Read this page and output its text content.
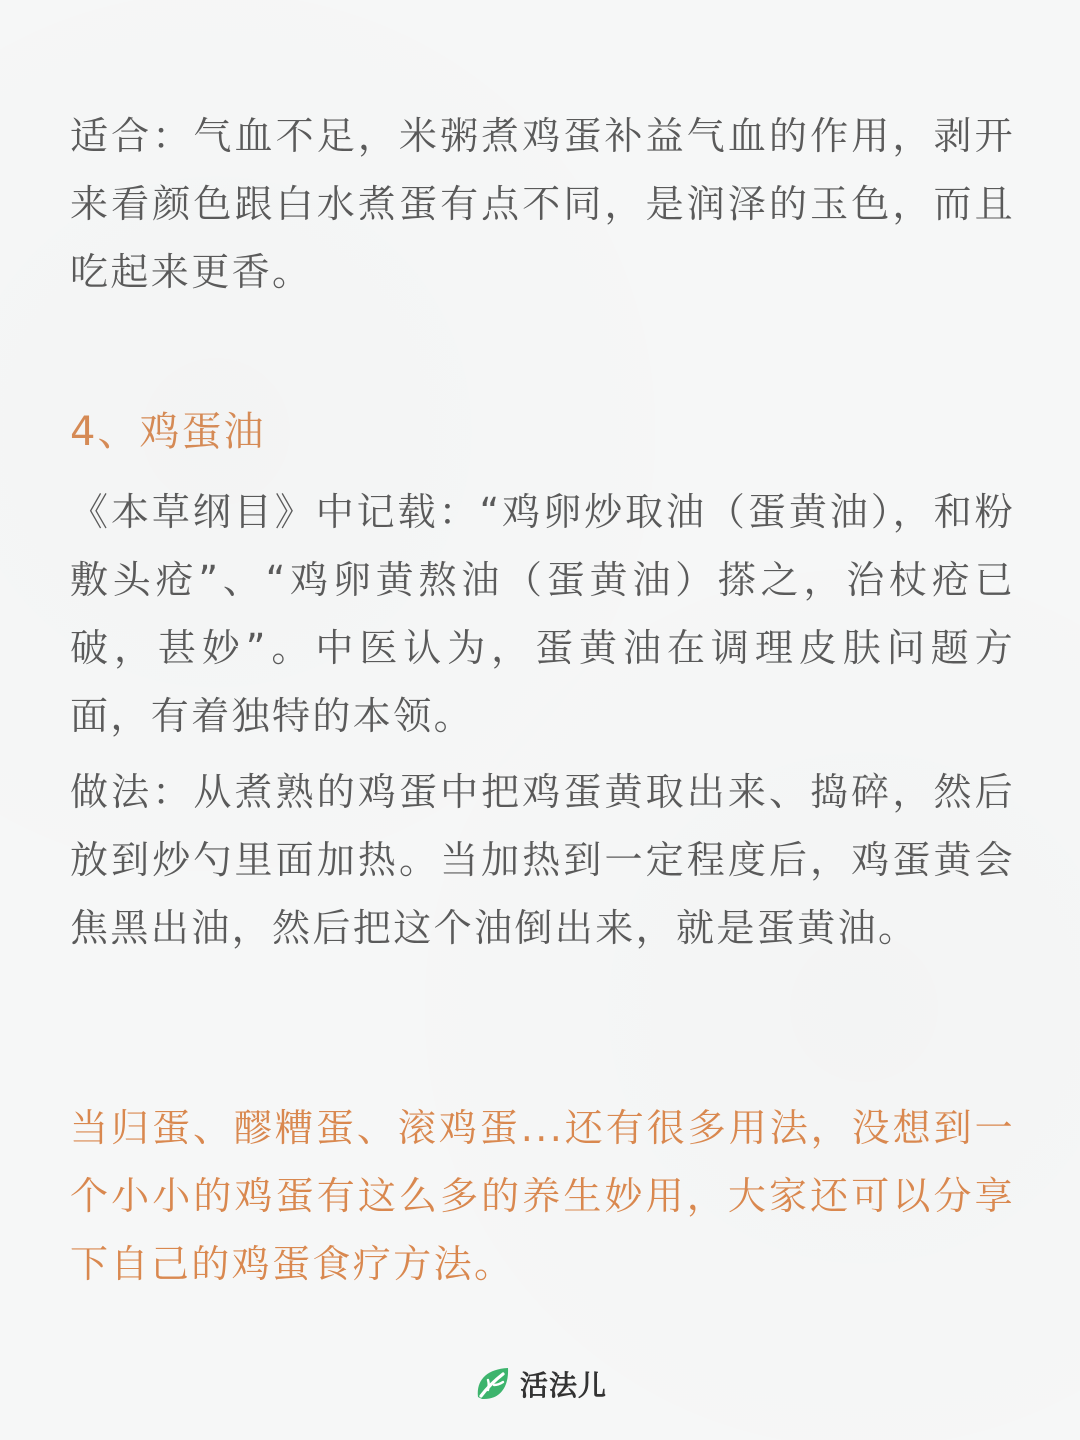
适合：气血不足，米粥煮鸡蛋补益气血的作用，剥开来看颜色跟白水煮蛋有点不同，是润泽的玉色，而且吃起来更香。

4、鸡蛋油

《本草纲目》中记载：“鸡卵炒取油（蛋黄油），和粉敷头疮”、“鸡卵黄熬油（蛋黄油）搽之，治杖疮已破，甚妙”。中医认为，蛋黄油在调理皮肤问题方面，有着独特的本领。

做法：从煮熟的鸡蛋中把鸡蛋黄取出来、捣碎，然后放到炒勺里面加热。当加热到一定程度后，鸡蛋黄会焦黑出油，然后把这个油倒出来，就是蛋黄油。

当归蛋、醪糟蛋、滚鸡蛋...还有很多用法，没想到一个小小的鸡蛋有这么多的养生妙用，大家还可以分享下自己的鸡蛋食疗方法。

活法儿
